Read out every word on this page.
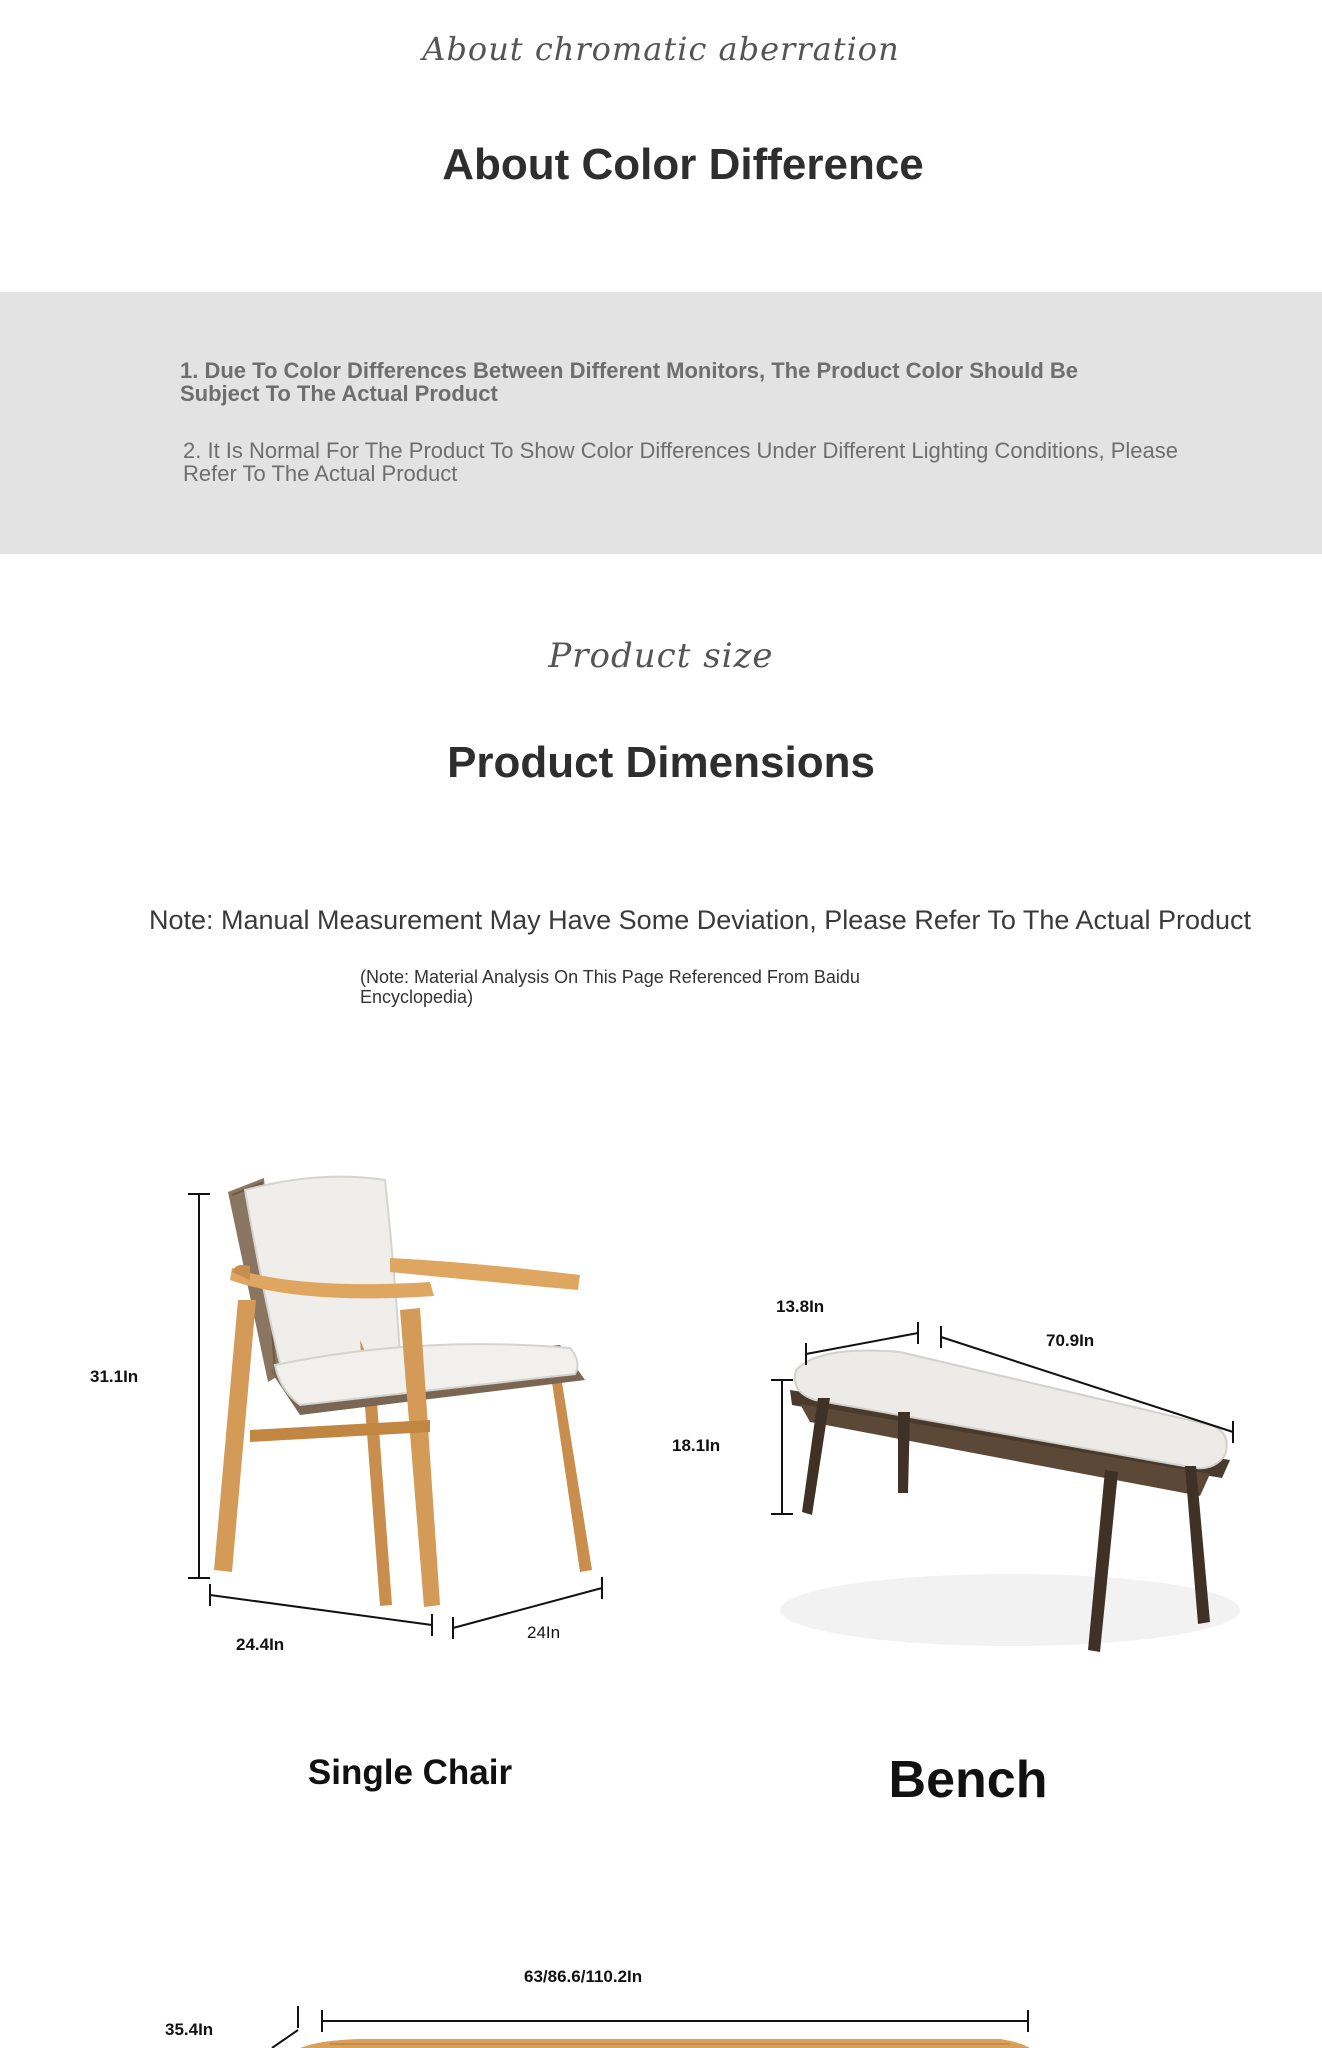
About chromatic aberration
About Color Difference
1. Due To Color Differences Between Different Monitors, The Product Color Should Be Subject To The Actual Product
2. It Is Normal For The Product To Show Color Differences Under Different Lighting Conditions, Please Refer To The Actual Product
Product size
Product Dimensions
Note: Manual Measurement May Have Some Deviation, Please Refer To The Actual Product
(Note: Material Analysis On This Page Referenced From Baidu Encyclopedia)
31.1In
24.4In
24In
13.8In
70.9In
18.1In
Single Chair	Bench
63/86.6/110.2In
35.4In
